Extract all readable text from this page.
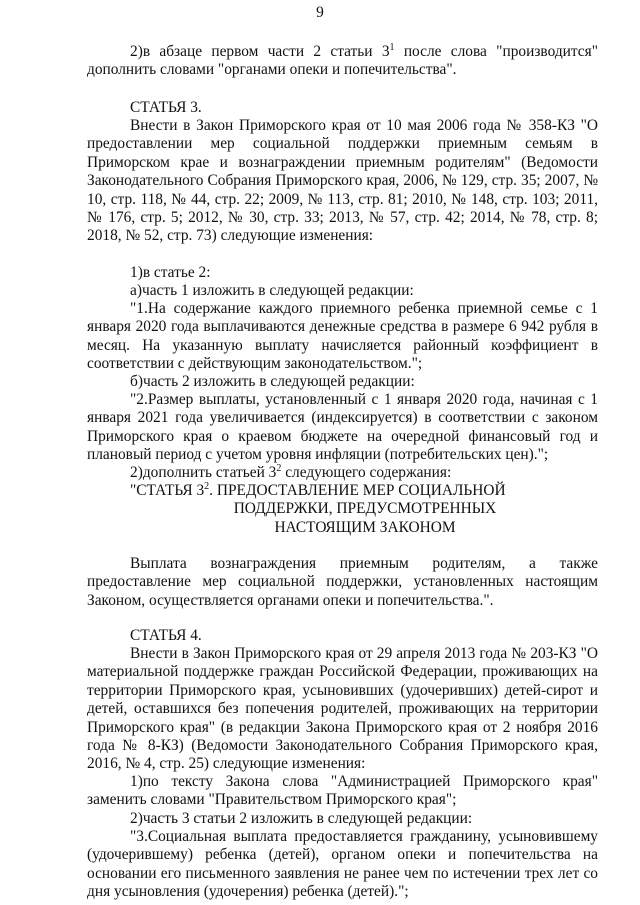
9

2)в абзаце первом части 2 статьи $3^1$ после слова "производится" дополнить словами "органами опеки и попечительства".

СТАТЬЯ 3.

Внести в Закон Приморского края от 10 мая 2006 года № 358-КЗ "О предоставлении мер социальной поддержки приемным семьям в Приморском крае и вознаграждении приемным родителям" (Ведомости Законодательного Собрания Приморского края, 2006, № 129, стр. 35; 2007, № 10, стр. 118, № 44, стр. 22; 2009, № 113, стр. 81; 2010, № 148, стр. 103; 2011, № 176, стр. 5; 2012, № 30, стр. 33; 2013, № 57, стр. 42; 2014, № 78, стр. 8; 2018, № 52, стр. 73) следующие изменения:

1)в статье 2:

а)часть 1 изложить в следующей редакции:

"1.На содержание каждого приемного ребенка приемной семье с 1 января 2020 года выплачиваются денежные средства в размере 6 942 рубля в месяц. На указанную выплату начисляется районный коэффициент в соответствии с действующим законодательством.";

б)часть 2 изложить в следующей редакции:

"2.Размер выплаты, установленный с 1 января 2020 года, начиная с 1 января 2021 года увеличивается (индексируется) в соответствии с законом Приморского края о краевом бюджете на очередной финансовый год и плановый период с учетом уровня инфляции (потребительских цен).";

2)дополнить статьей $3^2$ следующего содержания:

"СТАТЬЯ $3^2$. ПРЕДОСТАВЛЕНИЕ МЕР СОЦИАЛЬНОЙ
ПОДДЕРЖКИ, ПРЕДУСМОТРЕННЫХ
НАСТОЯЩИМ ЗАКОНОМ

Выплата вознаграждения приемным родителям, а также предоставление мер социальной поддержки, установленных настоящим Законом, осуществляется органами опеки и попечительства.".

СТАТЬЯ 4.

Внести в Закон Приморского края от 29 апреля 2013 года № 203-КЗ "О материальной поддержке граждан Российской Федерации, проживающих на территории Приморского края, усыновивших (удочеривших) детей-сирот и детей, оставшихся без попечения родителей, проживающих на территории Приморского края" (в редакции Закона Приморского края от 2 ноября 2016 года № 8-КЗ) (Ведомости Законодательного Собрания Приморского края, 2016, № 4, стр. 25) следующие изменения:

1)по тексту Закона слова "Администрацией Приморского края" заменить словами "Правительством Приморского края";

2)часть 3 статьи 2 изложить в следующей редакции:

"3.Социальная выплата предоставляется гражданину, усыновившему (удочерившему) ребенка (детей), органом опеки и попечительства на основании его письменного заявления не ранее чем по истечении трех лет со дня усыновления (удочерения) ребенка (детей).";
